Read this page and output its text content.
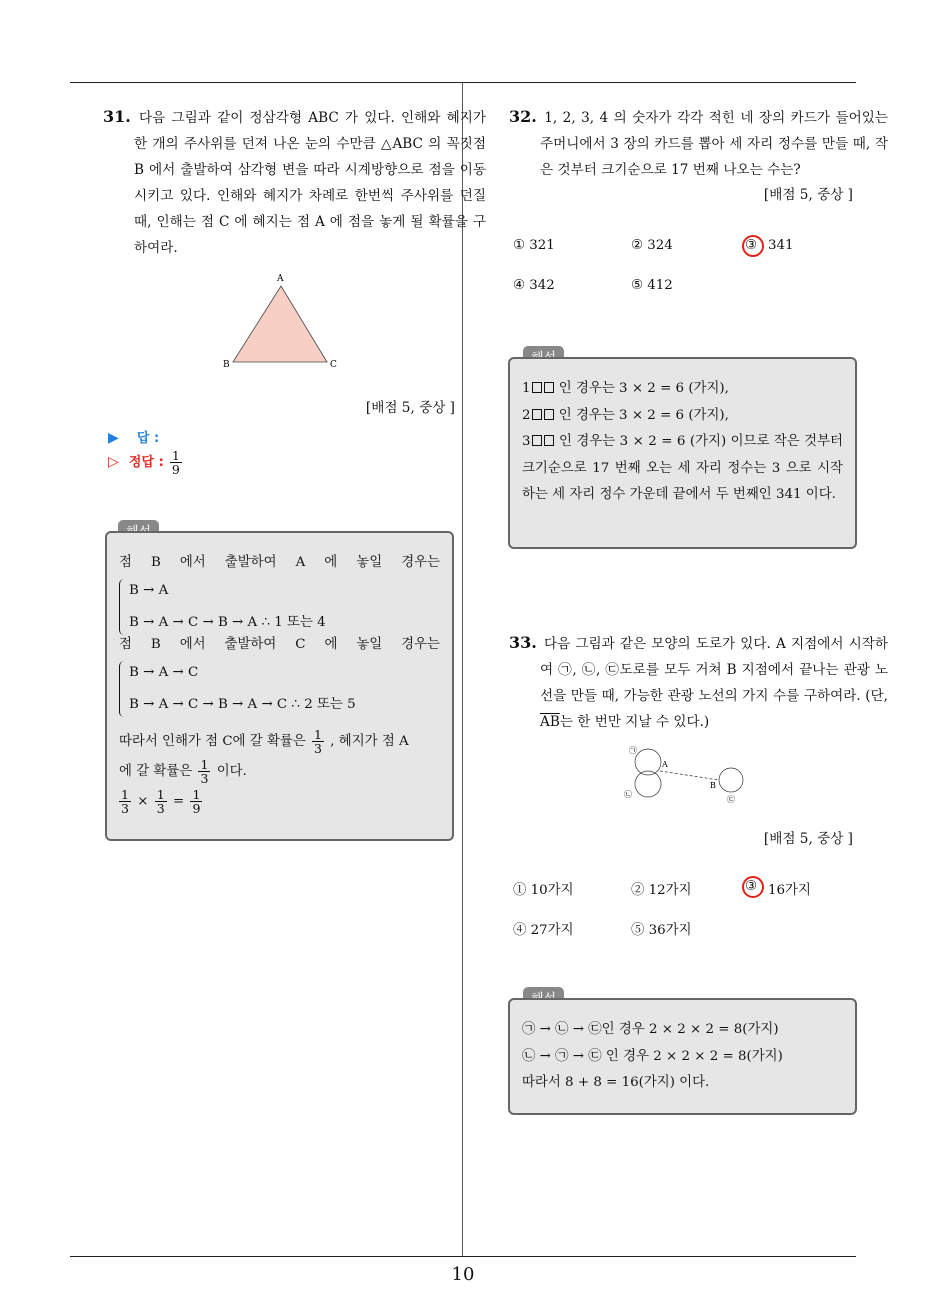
10
31. 다음 그림과 같이 정삼각형 ABC 가 있다. 인해와 혜지가 한 개의 주사위를 던져 나온 눈의 수만큼 △ABC 의 꼭짓점 B 에서 출발하여 삼각형 변을 따라 시계방향으로 점을 이동시키고 있다. 인해와 혜지가 차례로 한번씩 주사위를 던질 때, 인해는 점 C 에 혜지는 점 A 에 점을 놓게 될 확률을 구하여라.
A
B	C
[배점 5, 중상 ]
▶ 답 :
▷ 정답 : $\frac{1}{9}$
점 B 에서 출발하여 A 에 놓일 경우는
B → A
B → A → C → B → A ∴ 1 또는 4
점 B 에서 출발하여 C 에 놓일 경우는
B → A → C
B → A → C → B → A → C ∴ 2 또는 5
따라서 인해가 점 C에 갈 확률은 $\frac{1}{3}$ , 혜지가 점 A
에 갈 확률은 $\frac{1}{3}$ 이다.
$\frac{1}{3} \times \frac{1}{3} = \frac{1}{9}$
32. 1, 2, 3, 4 의 숫자가 각각 적힌 네 장의 카드가 들어있는 주머니에서 3 장의 카드를 뽑아 세 자리 정수를 만들 때, 작은 것부터 크기순으로 17 번째 나오는 수는?
[배점 5, 중상 ]
① 321	② 324	③ 341
④ 342	⑤ 412
1 인 경우는 3 × 2 = 6 (가지),
2 인 경우는 3 × 2 = 6 (가지),
3 인 경우는 3 × 2 = 6 (가지) 이므로 작은 것부터 크기순으로 17 번째 오는 세 자리 정수는 3 으로 시작하는 세 자리 정수 가운데 끝에서 두 번째인 341 이다.
33. 다음 그림과 같은 모양의 도로가 있다. A 지점에서 시작하여 ㉠, ㉡, ㉢도로를 모두 거쳐 B 지점에서 끝나는 관광 노선을 만들 때, 가능한 관광 노선의 가지 수를 구하여라. (단, $\overline{AB}$는 한 번만 지날 수 있다.)
㉠
㉡
A
B
㉢
[배점 5, 중상 ]
① 10가지	② 12가지	③ 16가지
④ 27가지	⑤ 36가지
㉠ → ㉡ → ㉢인 경우 2 × 2 × 2 = 8(가지)
㉡ → ㉠ → ㉢ 인 경우 2 × 2 × 2 = 8(가지)
따라서 8 + 8 = 16(가지) 이다.
